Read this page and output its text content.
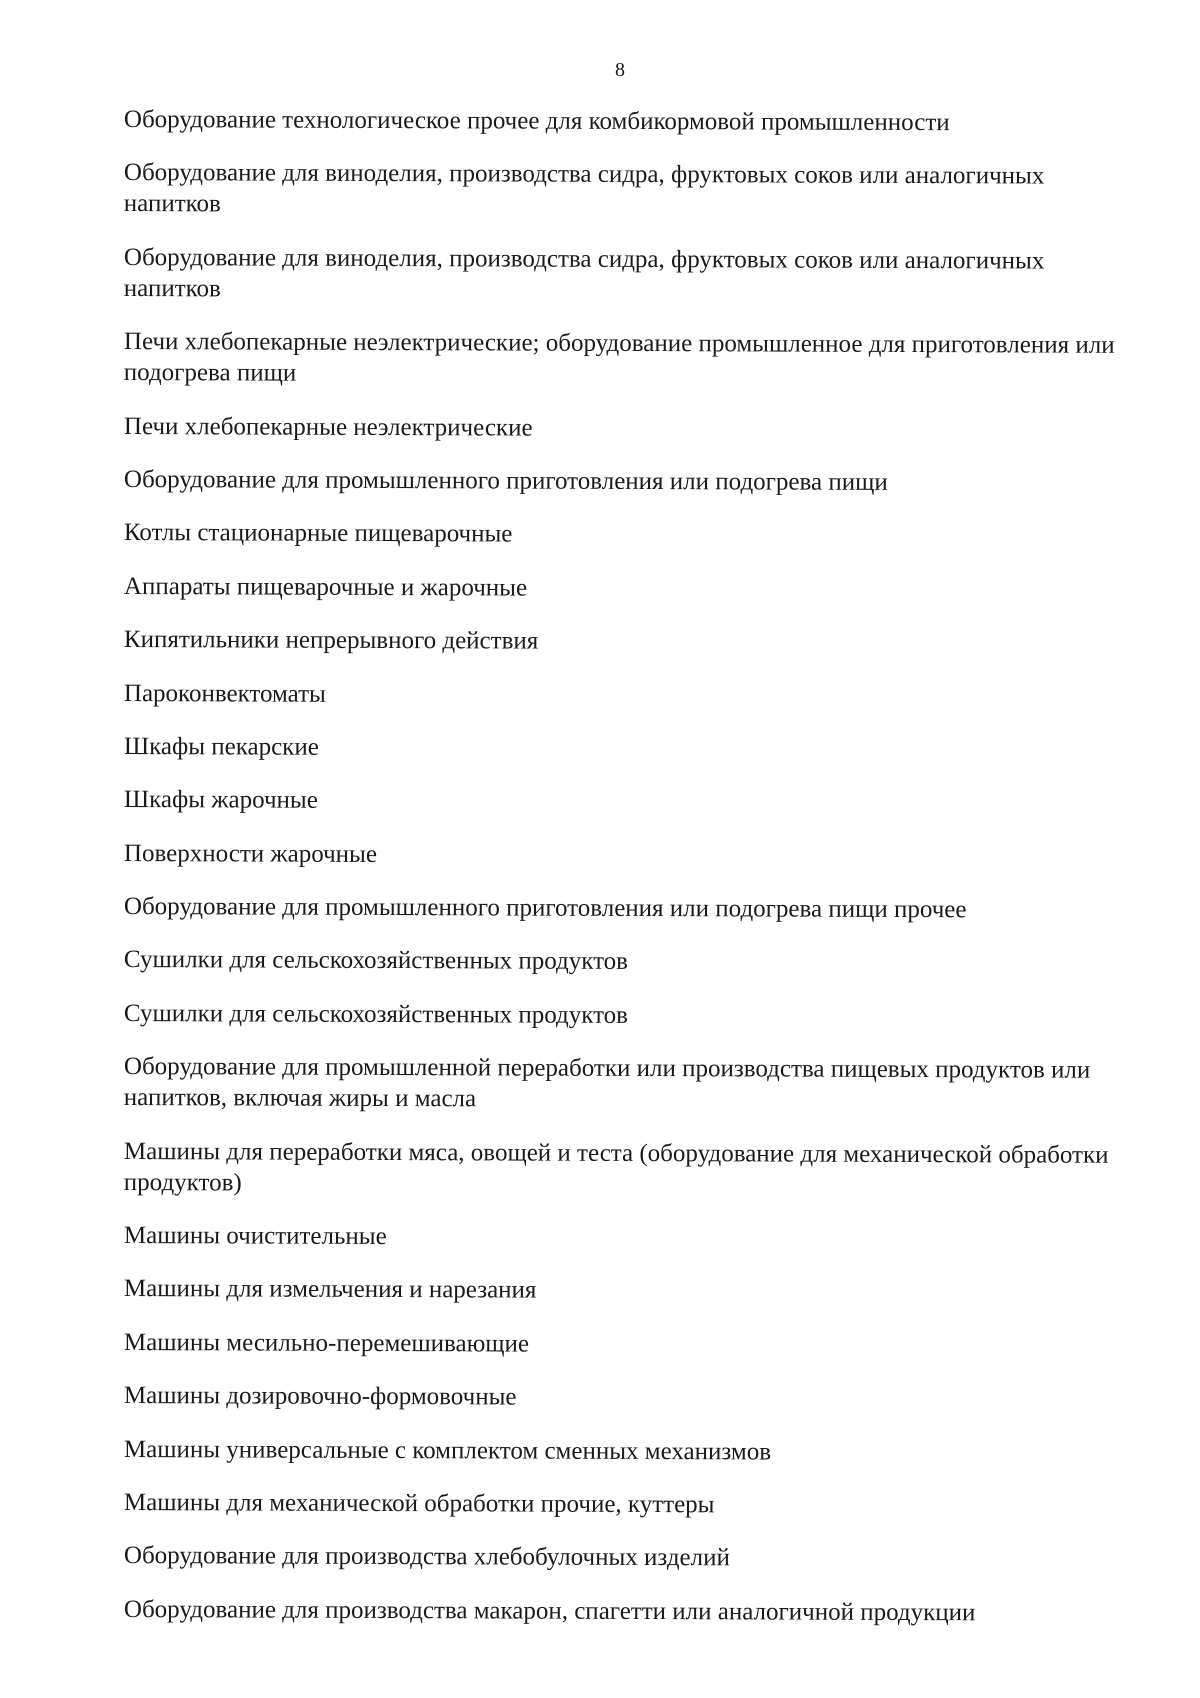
8
Оборудование технологическое прочее для комбикормовой промышленности
Оборудование для виноделия, производства сидра, фруктовых соков или аналогичных напитков
Оборудование для виноделия, производства сидра, фруктовых соков или аналогичных напитков
Печи хлебопекарные неэлектрические; оборудование промышленное для приготовления или подогрева пищи
Печи хлебопекарные неэлектрические
Оборудование для промышленного приготовления или подогрева пищи
Котлы стационарные пищеварочные
Аппараты пищеварочные и жарочные
Кипятильники непрерывного действия
Пароконвектоматы
Шкафы пекарские
Шкафы жарочные
Поверхности жарочные
Оборудование для промышленного приготовления или подогрева пищи прочее
Сушилки для сельскохозяйственных продуктов
Сушилки для сельскохозяйственных продуктов
Оборудование для промышленной переработки или производства пищевых продуктов или напитков, включая жиры и масла
Машины для переработки мяса, овощей и теста (оборудование для механической обработки продуктов)
Машины очистительные
Машины для измельчения и нарезания
Машины месильно-перемешивающие
Машины дозировочно-формовочные
Машины универсальные с комплектом сменных механизмов
Машины для механической обработки прочие, куттеры
Оборудование для производства хлебобулочных изделий
Оборудование для производства макарон, спагетти или аналогичной продукции
